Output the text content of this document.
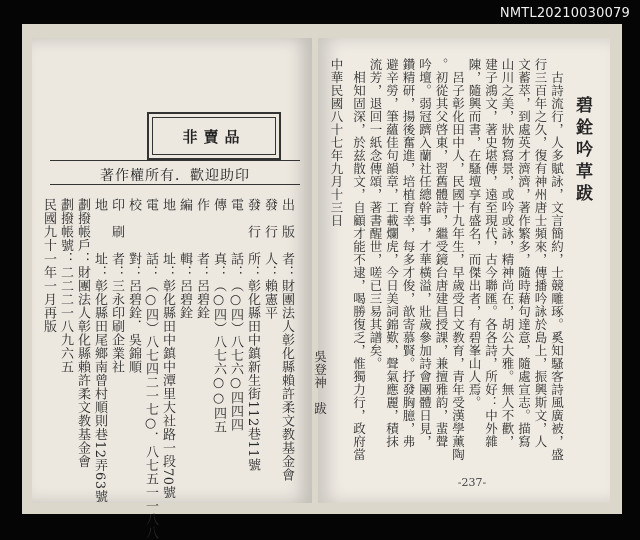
NMTL20210030079
非賣品
著作權所有．歡迎助印
出　版　者：財團法人彰化縣賴許柔文教基金會
發　行　人：賴憲平
發　行　所：彰化縣田中鎮新生街112巷11號
電　　　話：（○四）八七六○四四四
傳　　　真：（○四）八七六○○四五
作　　　者：呂碧銓
編　　　輯：呂碧銓
地　　　址：彰化縣田中鎮中潭里大社路一段70號
電　　　話：（○四）八七四二一七○．八七五一一八八
校　　　對：呂碧銓．吳錦順
印　刷　者：三永印刷企業社
地　　　址：彰化縣田尾鄉南曾村順則巷12弄63號
劃撥帳戶：財團法人彰化縣賴許柔文教基金會
劃撥帳號：二二二一八九六五
民國九十一年一月再版
碧銓吟草跋
古詩流行，人多賦詠，文言簡約，士競雕琢。奚知騷客詩風廣被，盛
行三百年之久，復有神州唐士頻來，傳播吟詠於島上，振興斯文，人
文蓄萃，到處英才濟濟，著作繁多，隨時藉句達意，隨處宣志。描寫
山川之美，狀物寫景，或吟或詠，精神尚在，胡公大雅。無人不歡，
建子鴻文，著史堪傳，遠至現代，古今聯匯。各各詩，所好：中外雜
陳，隨興而書，在騷壇享有盛名，而傑出者，有碧峯山人焉。
呂子彰化田中人，民國十九年生，早歲受日文教育，青年受漢學薰陶
。初從其父啓東，習舊體詩，繼受鏡台唐建昌授課，兼擅雅韵，蜚聲
吟壇。弱冠躋入蘭社任總幹事，才華橫溢，壯歲參加詩會團體日見，
鑽精研，揚後奮進，培植育幸，每多才俊，歆寄慕賢。抒發胸臆，弗
避辛勞，筆蘊佳句韻章，工載爛虎，今日美詞錦歎，聲氣應麗，積抹
流芳，退回一紙念傳頌，著書醒世，嗟已三易其譜矣。
相知固深，於兹散文，自顧才能不逮，喝勝復乏，惟獨力行，政府當
中華民國八十七年九月十三日
吳登神　跋
-237-
